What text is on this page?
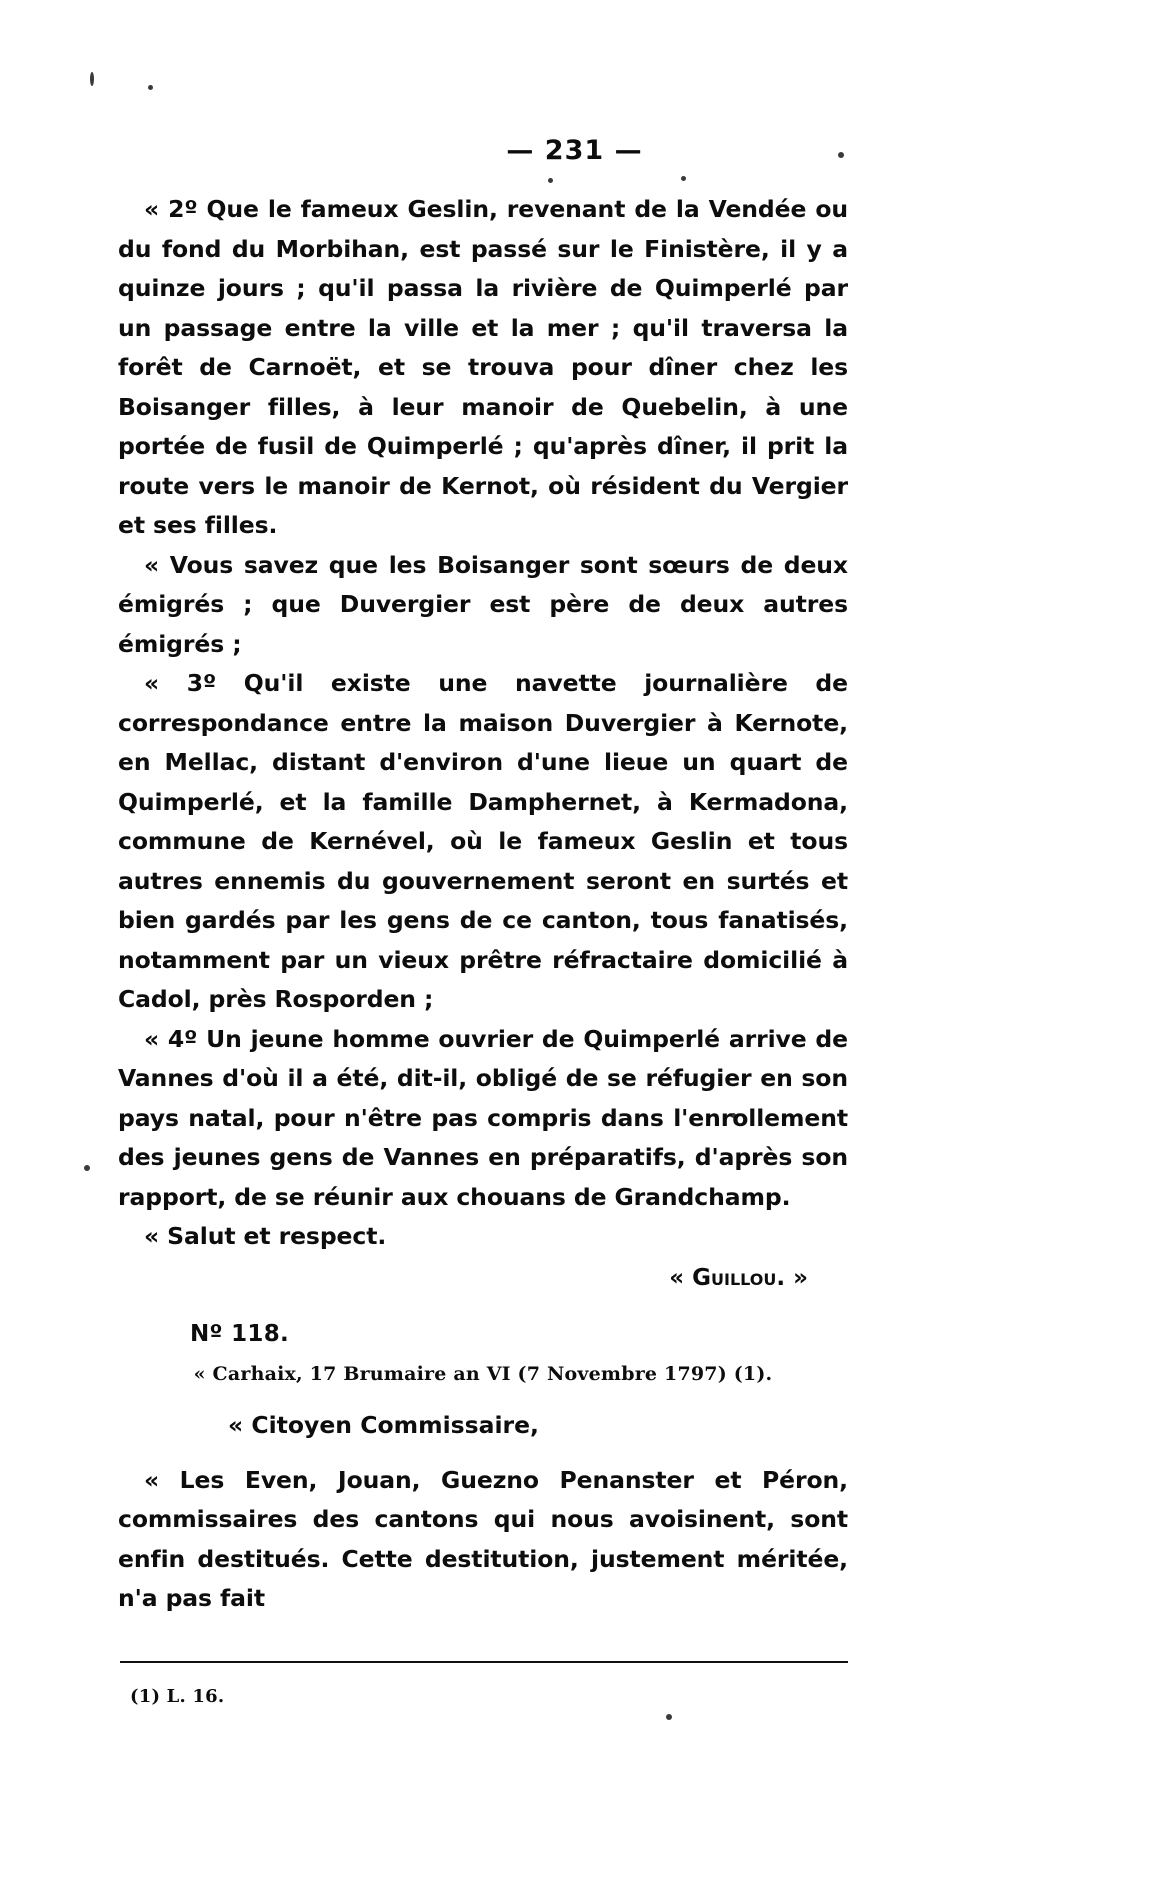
— 231 —

« 2º Que le fameux Geslin, revenant de la Vendée ou du fond du Morbihan, est passé sur le Finistère, il y a quinze jours ; qu'il passa la rivière de Quimperlé par un passage entre la ville et la mer ; qu'il traversa la forêt de Carnoët, et se trouva pour dîner chez les Boisanger filles, à leur manoir de Quebelin, à une portée de fusil de Quimperlé ; qu'après dîner, il prit la route vers le manoir de Kernot, où résident du Vergier et ses filles.

« Vous savez que les Boisanger sont sœurs de deux émigrés ; que Duvergier est père de deux autres émigrés ;

« 3º Qu'il existe une navette journalière de correspondance entre la maison Duvergier à Kernote, en Mellac, distant d'environ d'une lieue un quart de Quimperlé, et la famille Damphernet, à Kermadona, commune de Kernével, où le fameux Geslin et tous autres ennemis du gouvernement seront en surtés et bien gardés par les gens de ce canton, tous fanatisés, notamment par un vieux prêtre réfractaire domicilié à Cadol, près Rosporden ;

« 4º Un jeune homme ouvrier de Quimperlé arrive de Vannes d'où il a été, dit-il, obligé de se réfugier en son pays natal, pour n'être pas compris dans l'enrollement des jeunes gens de Vannes en préparatifs, d'après son rapport, de se réunir aux chouans de Grandchamp.

« Salut et respect.

« Guillou. »

Nº 118.

« Carhaix, 17 Brumaire an VI (7 Novembre 1797) (1).

« Citoyen Commissaire,

« Les Even, Jouan, Guezno Penanster et Péron, commissaires des cantons qui nous avoisinent, sont enfin destitués. Cette destitution, justement méritée, n'a pas fait

(1) L. 16.
